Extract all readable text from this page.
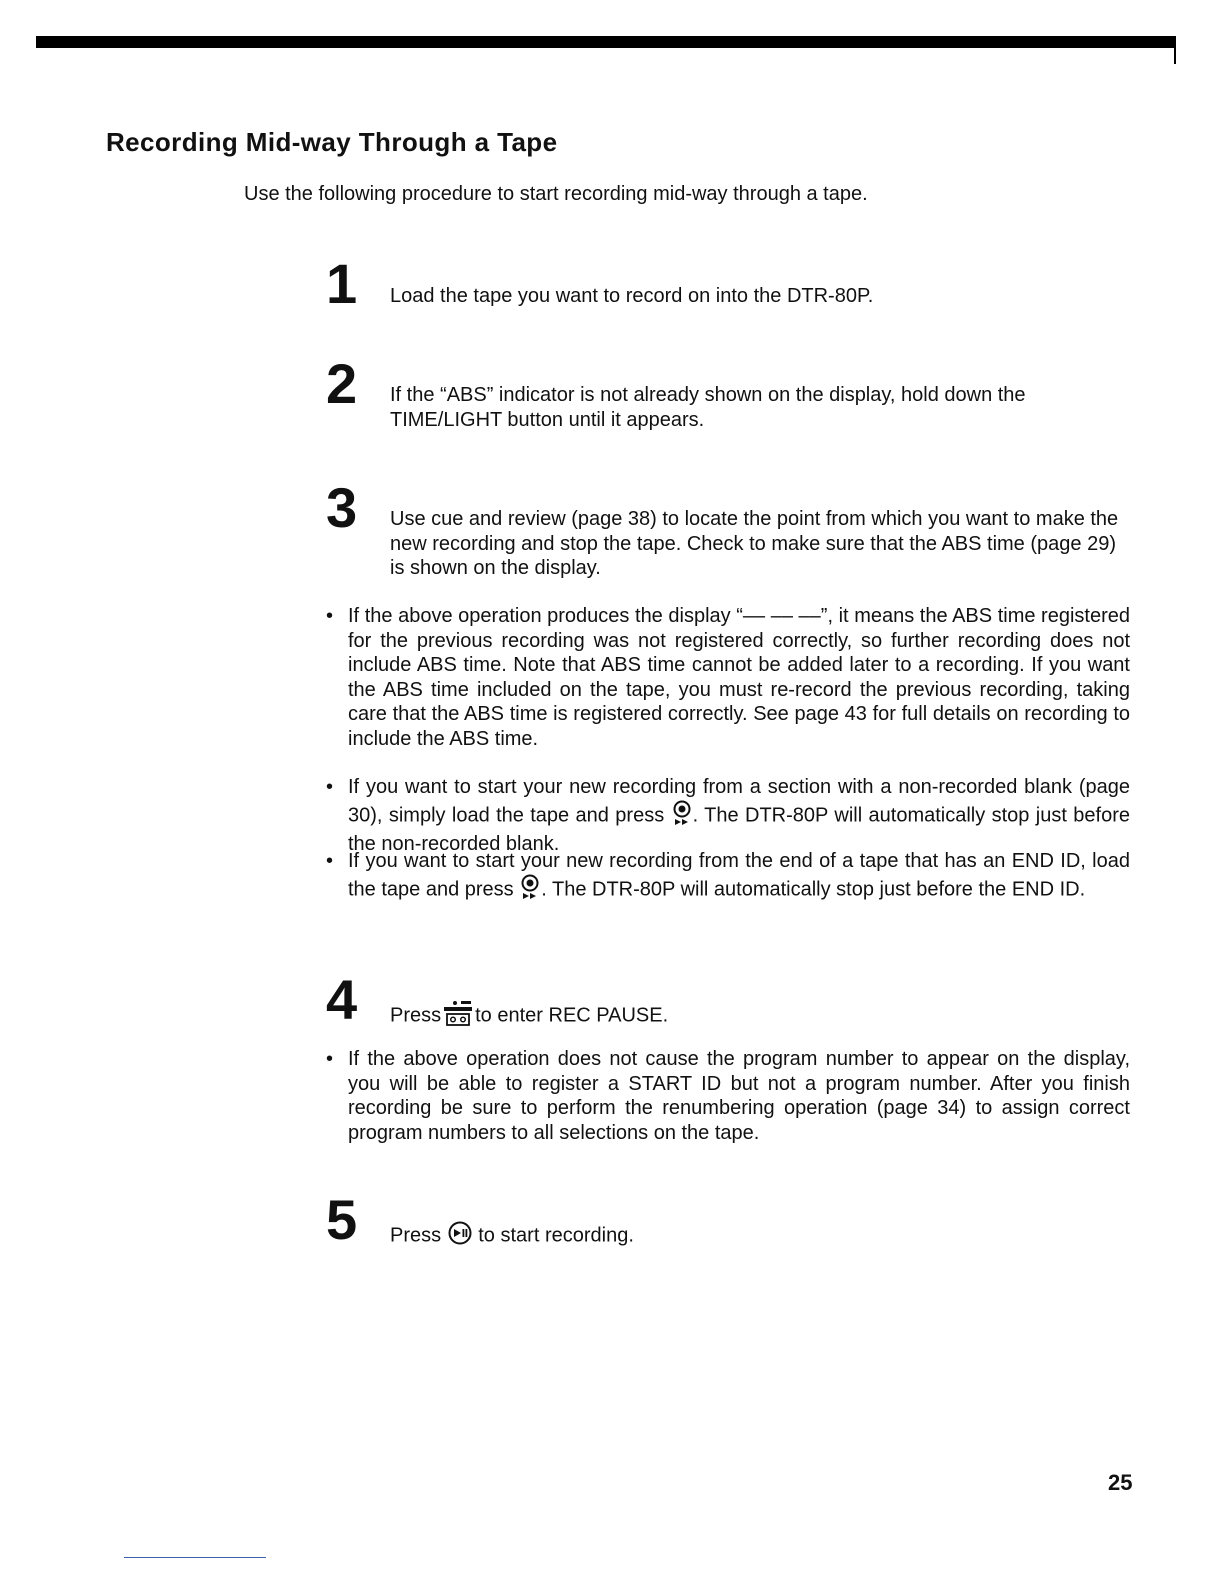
Recording Mid-way Through a Tape

Use the following procedure to start recording mid-way through a tape.

1 Load the tape you want to record on into the DTR-80P.

2 If the “ABS” indicator is not already shown on the display, hold down the TIME/LIGHT button until it appears.

3 Use cue and review (page 38) to locate the point from which you want to make the new recording and stop the tape. Check to make sure that the ABS time (page 29) is shown on the display.

• If the above operation produces the display “–– –– ––”, it means the ABS time registered for the previous recording was not registered correctly, so further recording does not include ABS time. Note that ABS time cannot be added later to a recording. If you want the ABS time included on the tape, you must re-record the previous recording, taking care that the ABS time is registered correctly. See page 43 for full details on recording to include the ABS time.

• If you want to start your new recording from a section with a non-recorded blank (page 30), simply load the tape and press . The DTR-80P will automatically stop just before the non-recorded blank.

• If you want to start your new recording from the end of a tape that has an END ID, load the tape and press . The DTR-80P will automatically stop just before the END ID.

4 Press to enter REC PAUSE.

• If the above operation does not cause the program number to appear on the display, you will be able to register a START ID but not a program number. After you finish recording be sure to perform the renumbering operation (page 34) to assign correct program numbers to all selections on the tape.

5 Press to start recording.

25
